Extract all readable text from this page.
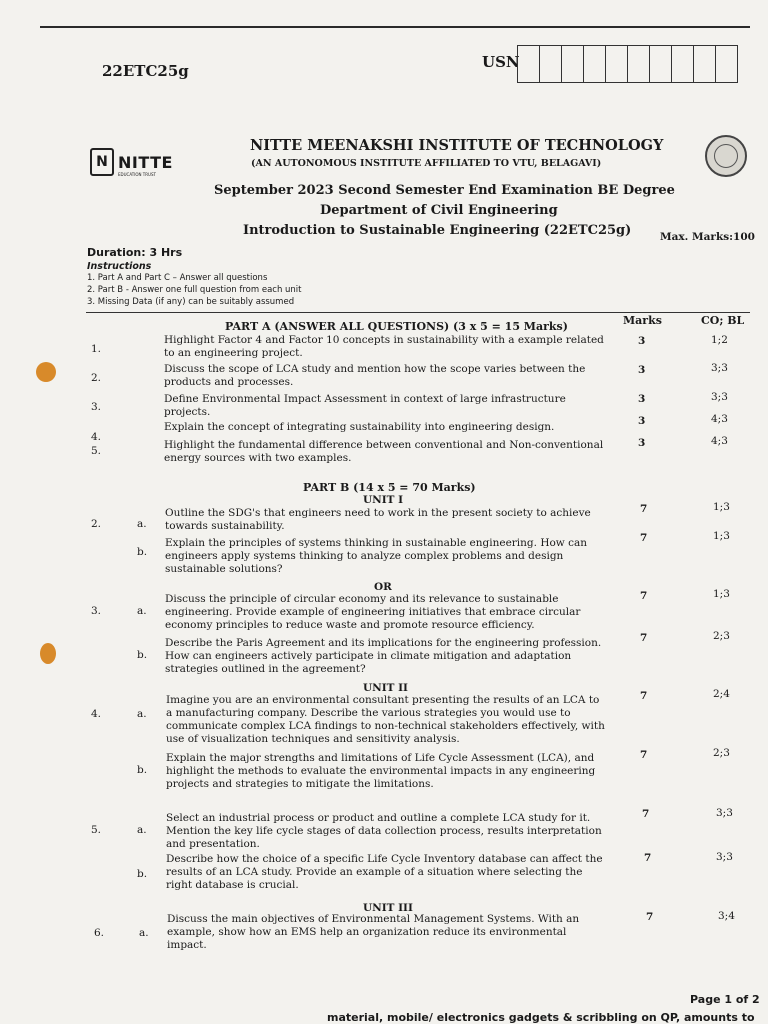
22ETC25g	USN
N NITTE
EDUCATION TRUST
NITTE MEENAKSHI INSTITUTE OF TECHNOLOGY
(AN AUTONOMOUS INSTITUTE AFFILIATED TO VTU, BELAGAVI)
September 2023 Second Semester End Examination BE Degree
Department of Civil Engineering
Introduction to Sustainable Engineering (22ETC25g)	Max. Marks:100
Duration: 3 Hrs
Instructions
1. Part A and Part C – Answer all questions
2. Part B - Answer one full question from each unit
3. Missing Data (if any) can be suitably assumed
PART A (ANSWER ALL QUESTIONS) (3 x 5 = 15 Marks)	Marks	CO; BL
1.
Highlight Factor 4 and Factor 10 concepts in sustainability with a example related to an engineering project.
3	1;2
2.
Discuss the scope of LCA study and mention how the scope varies between the products and processes.
3	3;3
3.
Define Environmental Impact Assessment in context of large infrastructure projects.
3	3;3
4.
Explain the concept of integrating sustainability into engineering design.	3	4;3
5.	Highlight the fundamental difference between conventional and Non-conventional energy sources with two examples.
3	4;3
PART B (14 x 5 = 70 Marks)
UNIT I
2.	a.
Outline the SDG's that engineers need to work in the present society to achieve towards sustainability.
7	1;3
b.
Explain the principles of systems thinking in sustainable engineering. How can engineers apply systems thinking to analyze complex problems and design sustainable solutions?
7	1;3
OR
3.	a.
Discuss the principle of circular economy and its relevance to sustainable engineering. Provide example of engineering initiatives that embrace circular economy principles to reduce waste and promote resource efficiency.
7	1;3
b.
Describe the Paris Agreement and its implications for the engineering profession. How can engineers actively participate in climate mitigation and adaptation strategies outlined in the agreement?
7	2;3
UNIT II
4.	a.
Imagine you are an environmental consultant presenting the results of an LCA to a manufacturing company. Describe the various strategies you would use to communicate complex LCA findings to non-technical stakeholders effectively, with use of visualization techniques and sensitivity analysis.
7	2;4
b.
Explain the major strengths and limitations of Life Cycle Assessment (LCA), and highlight the methods to evaluate the environmental impacts in any engineering projects and strategies to mitigate the limitations.
7	2;3
5.	a.
Select an industrial process or product and outline a complete LCA study for it. Mention the key life cycle stages of data collection process, results interpretation and presentation.
7	3;3
b.
Describe how the choice of a specific Life Cycle Inventory database can affect the results of an LCA study. Provide an example of a situation where selecting the right database is crucial.
7	3;3
UNIT III
6.	a.
Discuss the main objectives of Environmental Management Systems. With an example, show how an EMS help an organization reduce its environmental impact.
7	3;4
Page 1 of 2
material, mobile/ electronics gadgets & scribbling on QP, amounts to
